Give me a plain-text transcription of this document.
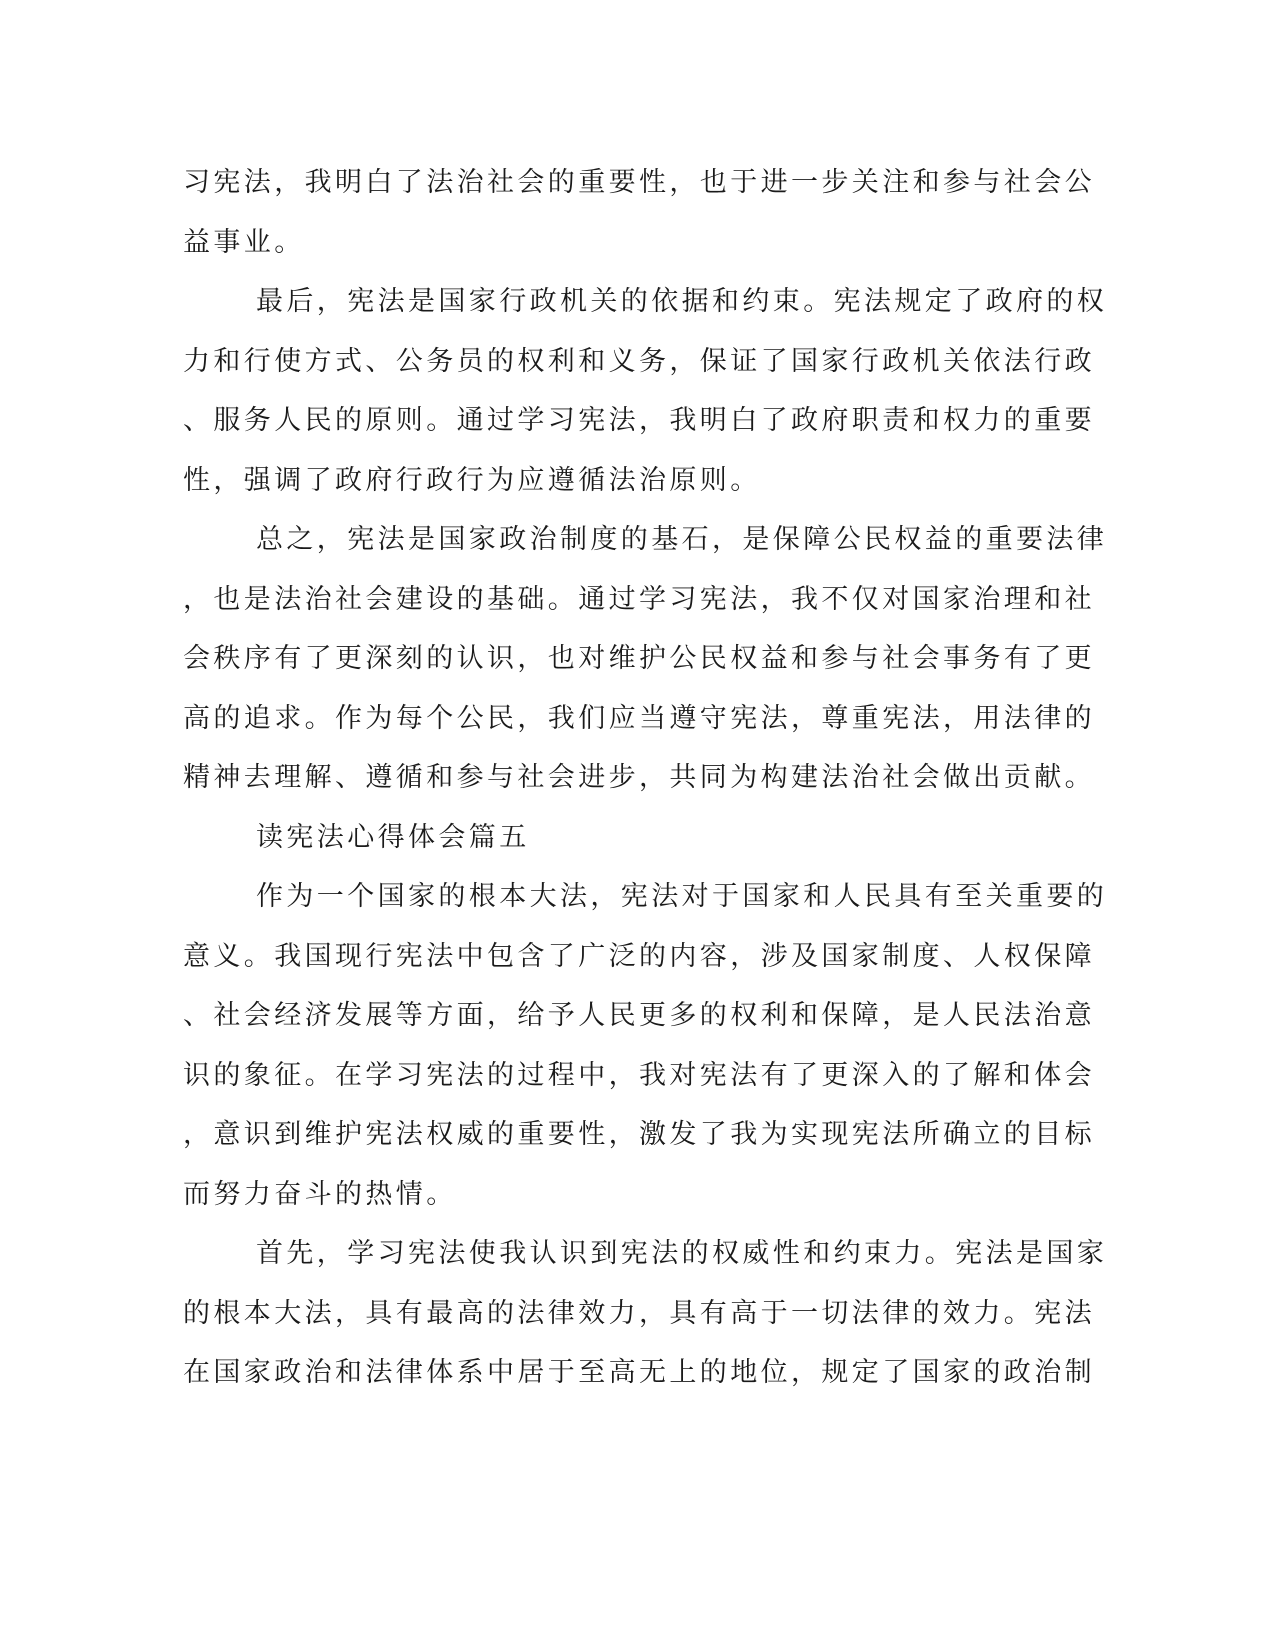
习宪法，我明白了法治社会的重要性，也于进一步关注和参与社会公
益事业。
最后，宪法是国家行政机关的依据和约束。宪法规定了政府的权
力和行使方式、公务员的权利和义务，保证了国家行政机关依法行政
、服务人民的原则。通过学习宪法，我明白了政府职责和权力的重要
性，强调了政府行政行为应遵循法治原则。
总之，宪法是国家政治制度的基石，是保障公民权益的重要法律
，也是法治社会建设的基础。通过学习宪法，我不仅对国家治理和社
会秩序有了更深刻的认识，也对维护公民权益和参与社会事务有了更
高的追求。作为每个公民，我们应当遵守宪法，尊重宪法，用法律的
精神去理解、遵循和参与社会进步，共同为构建法治社会做出贡献。
读宪法心得体会篇五
作为一个国家的根本大法，宪法对于国家和人民具有至关重要的
意义。我国现行宪法中包含了广泛的内容，涉及国家制度、人权保障
、社会经济发展等方面，给予人民更多的权利和保障，是人民法治意
识的象征。在学习宪法的过程中，我对宪法有了更深入的了解和体会
，意识到维护宪法权威的重要性，激发了我为实现宪法所确立的目标
而努力奋斗的热情。
首先，学习宪法使我认识到宪法的权威性和约束力。宪法是国家
的根本大法，具有最高的法律效力，具有高于一切法律的效力。宪法
在国家政治和法律体系中居于至高无上的地位，规定了国家的政治制
